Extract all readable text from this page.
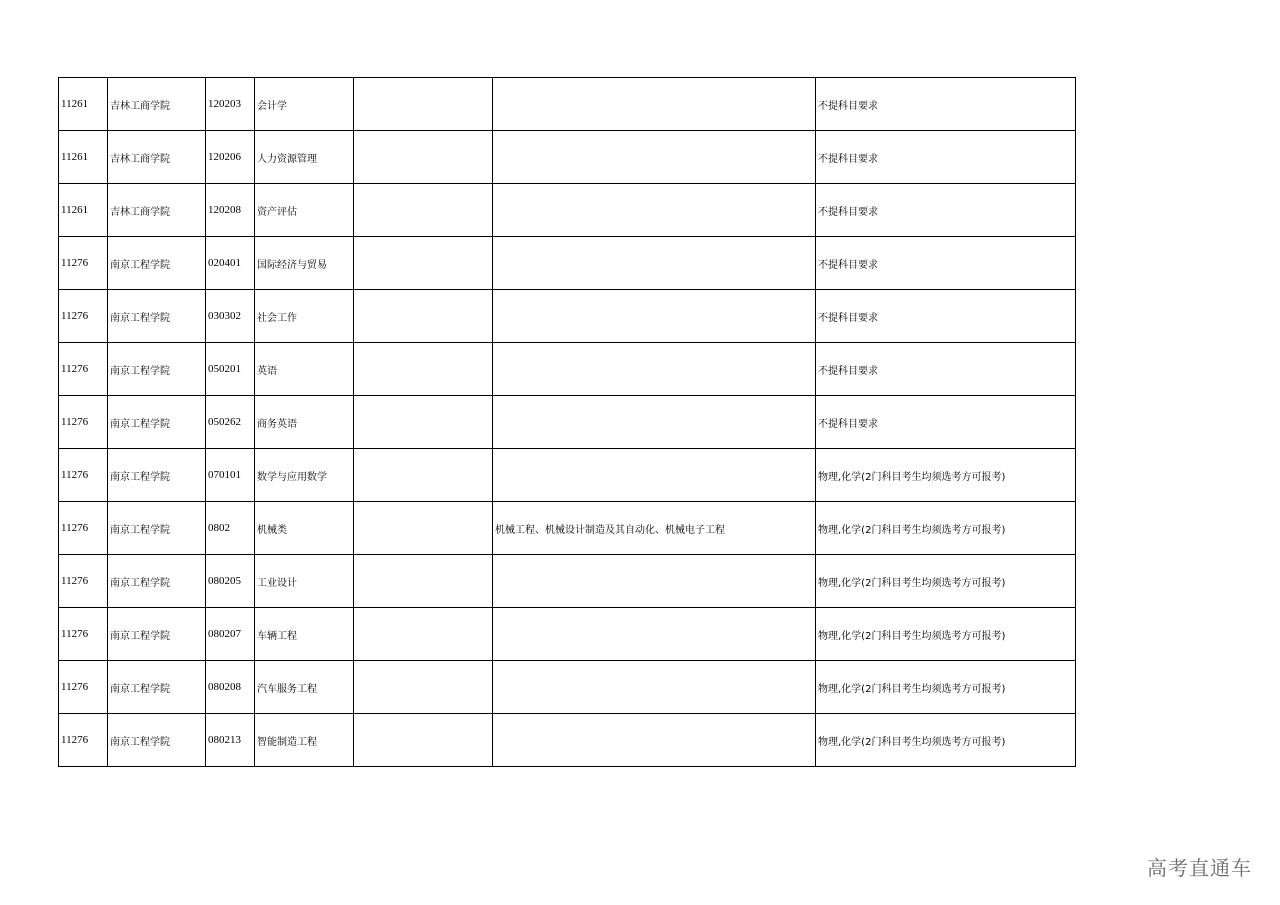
11261	吉林工商学院	120203	会计学			不提科目要求
11261	吉林工商学院	120206	人力资源管理			不提科目要求
11261	吉林工商学院	120208	资产评估			不提科目要求
11276	南京工程学院	020401	国际经济与贸易			不提科目要求
11276	南京工程学院	030302	社会工作			不提科目要求
11276	南京工程学院	050201	英语			不提科目要求
11276	南京工程学院	050262	商务英语			不提科目要求
11276	南京工程学院	070101	数学与应用数学			物理,化学(2门科目考生均须选考方可报考)
11276	南京工程学院	0802	机械类		机械工程、机械设计制造及其自动化、机械电子工程	物理,化学(2门科目考生均须选考方可报考)
11276	南京工程学院	080205	工业设计			物理,化学(2门科目考生均须选考方可报考)
11276	南京工程学院	080207	车辆工程			物理,化学(2门科目考生均须选考方可报考)
11276	南京工程学院	080208	汽车服务工程			物理,化学(2门科目考生均须选考方可报考)
11276	南京工程学院	080213	智能制造工程			物理,化学(2门科目考生均须选考方可报考)
高考直通车
